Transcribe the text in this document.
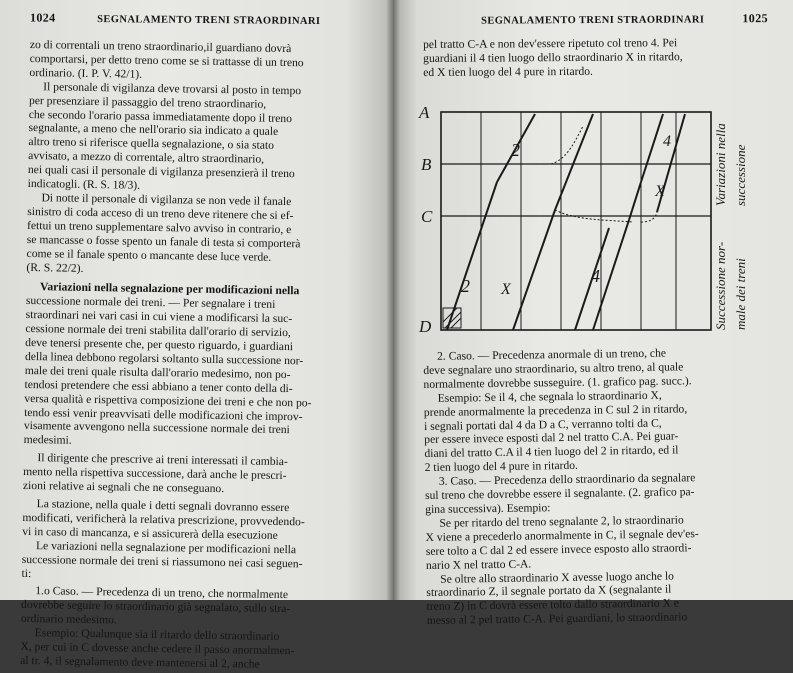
1024	SEGNALAMENTO TRENI STRAORDINARI

zo di correntali un treno straordinario,il guardiano dovrà
comportarsi, per detto treno come se si trattasse di un treno
ordinario. (I. P. V. 42/1).

Il personale di vigilanza deve trovarsi al posto in tempo
per presenziare il passaggio del treno straordinario,
che secondo l'orario passa immediatamente dopo il treno
segnalante, a meno che nell'orario sia indicato a quale
altro treno si riferisce quella segnalazione, o sia stato
avvisato, a mezzo di correntale, altro straordinario,
nei quali casi il personale di vigilanza presenzierà il treno
indicatogli. (R. S. 18/3).

Di notte il personale di vigilanza se non vede il fanale
sinistro di coda acceso di un treno deve ritenere che si ef-
fettui un treno supplementare salvo avviso in contrario, e
se mancasse o fosse spento un fanale di testa si comporterà
come se il fanale spento o mancante dese luce verde.
(R. S. 22/2).

Variazioni nella segnalazione per modificazioni nella
successione normale dei treni. — Per segnalare i treni
straordinari nei vari casi in cui viene a modificarsi la suc-
cessione normale dei treni stabilita dall'orario di servizio,
deve tenersi presente che, per questo riguardo, i guardiani
della linea debbono regolarsi soltanto sulla successione nor-
male dei treni quale risulta dall'orario medesimo, non po-
tendosi pretendere che essi abbiano a tener conto della di-
versa qualità e rispettiva composizione dei treni e che non po-
tendo essi venir preavvisati delle modificazioni che improv-
visamente avvengono nella successione normale dei treni
medesimi.

Il dirigente che prescrive ai treni interessati il cambia-
mento nella rispettiva successione, darà anche le prescri-
zioni relative ai segnali che ne conseguano.

La stazione, nella quale i detti segnali dovranno essere
modificati, verificherà la relativa prescrizione, provvedendo-
vi in caso di mancanza, e si assicurerà della esecuzione

Le variazioni nella segnalazione per modificazioni nella
successione normale dei treni si riassumono nei casi seguen-
ti:

1.o Caso. — Precedenza di un treno, che normalmente
dovrebbe seguire lo straordinario già segnalato, sullo stra-
ordinario medesimo.

Esempio: Qualunque sia il ritardo dello straordinario
X, per cui in C dovesse anche cedere il passo anormalmen-
al tr. 4, il segnalamento deve mantenersi al 2, anche

SEGNALAMENTO TRENI STRAORDINARI	1025

pel tratto C-A e non dev'essere ripetuto col treno 4. Pei
guardiani il 4 tien luogo dello straordinario X in ritardo,
ed X tien luogo del 4 pure in ritardo.

A
B
C
D
2 X
4
4
X
2
Successione nor- male dei treni
Variazioni nella successione

2. Caso. — Precedenza anormale di un treno, che
deve segnalare uno straordinario, su altro treno, al quale
normalmente dovrebbe susseguire. (1. grafico pag. succ.).

Esempio: Se il 4, che segnala lo straordinario X,
prende anormalmente la precedenza in C sul 2 in ritardo,
i segnali portati dal 4 da D a C, verranno tolti da C,
per essere invece esposti dal 2 nel tratto C.A. Pei guar-
diani del tratto C.A il 4 tien luogo del 2 in ritardo, ed il
2 tien luogo del 4 pure in ritardo.

3. Caso. — Precedenza dello straordinario da segnalare
sul treno che dovrebbe essere il segnalante. (2. grafico pa-
gina successiva). Esempio:

Se per ritardo del treno segnalante 2, lo straordinario
X viene a precederlo anormalmente in C, il segnale dev'es-
sere tolto a C dal 2 ed essere invece esposto allo straordi-
nario X nel tratto C-A.

Se oltre allo straordinario X avesse luogo anche lo
straordinario Z, il segnale portato da X (segnalante il
treno Z) in C dovrà essere tolto dallo straordinario X e
messo al 2 pel tratto C-A. Pei guardiani, lo straordinario
